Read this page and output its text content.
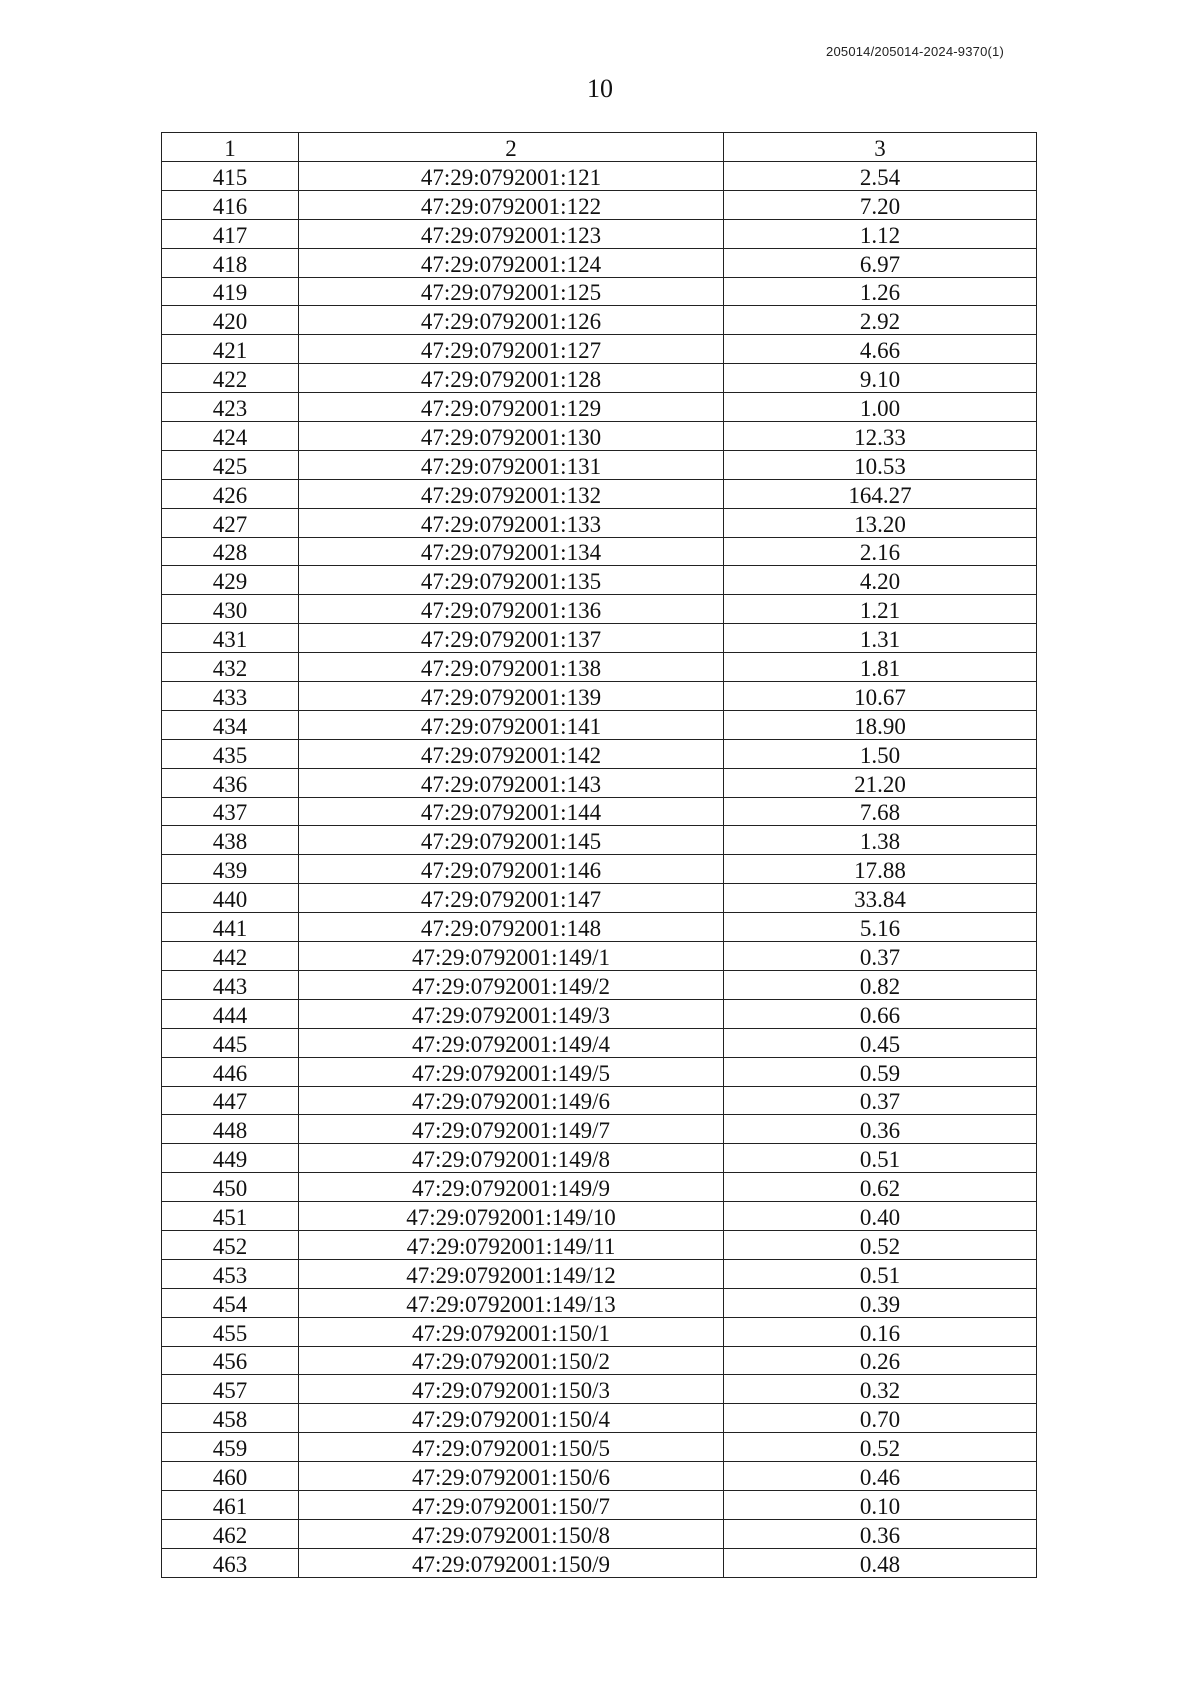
205014/205014-2024-9370(1)
10
1	2	3
415	47:29:0792001:121	2.54
416	47:29:0792001:122	7.20
417	47:29:0792001:123	1.12
418	47:29:0792001:124	6.97
419	47:29:0792001:125	1.26
420	47:29:0792001:126	2.92
421	47:29:0792001:127	4.66
422	47:29:0792001:128	9.10
423	47:29:0792001:129	1.00
424	47:29:0792001:130	12.33
425	47:29:0792001:131	10.53
426	47:29:0792001:132	164.27
427	47:29:0792001:133	13.20
428	47:29:0792001:134	2.16
429	47:29:0792001:135	4.20
430	47:29:0792001:136	1.21
431	47:29:0792001:137	1.31
432	47:29:0792001:138	1.81
433	47:29:0792001:139	10.67
434	47:29:0792001:141	18.90
435	47:29:0792001:142	1.50
436	47:29:0792001:143	21.20
437	47:29:0792001:144	7.68
438	47:29:0792001:145	1.38
439	47:29:0792001:146	17.88
440	47:29:0792001:147	33.84
441	47:29:0792001:148	5.16
442	47:29:0792001:149/1	0.37
443	47:29:0792001:149/2	0.82
444	47:29:0792001:149/3	0.66
445	47:29:0792001:149/4	0.45
446	47:29:0792001:149/5	0.59
447	47:29:0792001:149/6	0.37
448	47:29:0792001:149/7	0.36
449	47:29:0792001:149/8	0.51
450	47:29:0792001:149/9	0.62
451	47:29:0792001:149/10	0.40
452	47:29:0792001:149/11	0.52
453	47:29:0792001:149/12	0.51
454	47:29:0792001:149/13	0.39
455	47:29:0792001:150/1	0.16
456	47:29:0792001:150/2	0.26
457	47:29:0792001:150/3	0.32
458	47:29:0792001:150/4	0.70
459	47:29:0792001:150/5	0.52
460	47:29:0792001:150/6	0.46
461	47:29:0792001:150/7	0.10
462	47:29:0792001:150/8	0.36
463	47:29:0792001:150/9	0.48
